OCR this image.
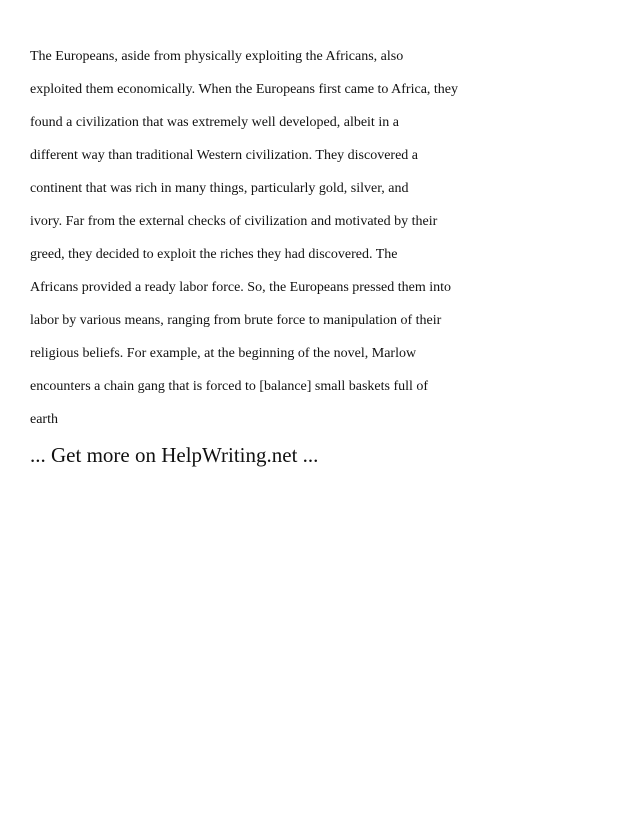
The Europeans, aside from physically exploiting the Africans, also
exploited them economically. When the Europeans first came to Africa, they
found a civilization that was extremely well developed, albeit in a
different way than traditional Western civilization. They discovered a
continent that was rich in many things, particularly gold, silver, and
ivory. Far from the external checks of civilization and motivated by their
greed, they decided to exploit the riches they had discovered. The
Africans provided a ready labor force. So, the Europeans pressed them into
labor by various means, ranging from brute force to manipulation of their
religious beliefs. For example, at the beginning of the novel, Marlow
encounters a chain gang that is forced to [balance] small baskets full of
earth
... Get more on HelpWriting.net ...
